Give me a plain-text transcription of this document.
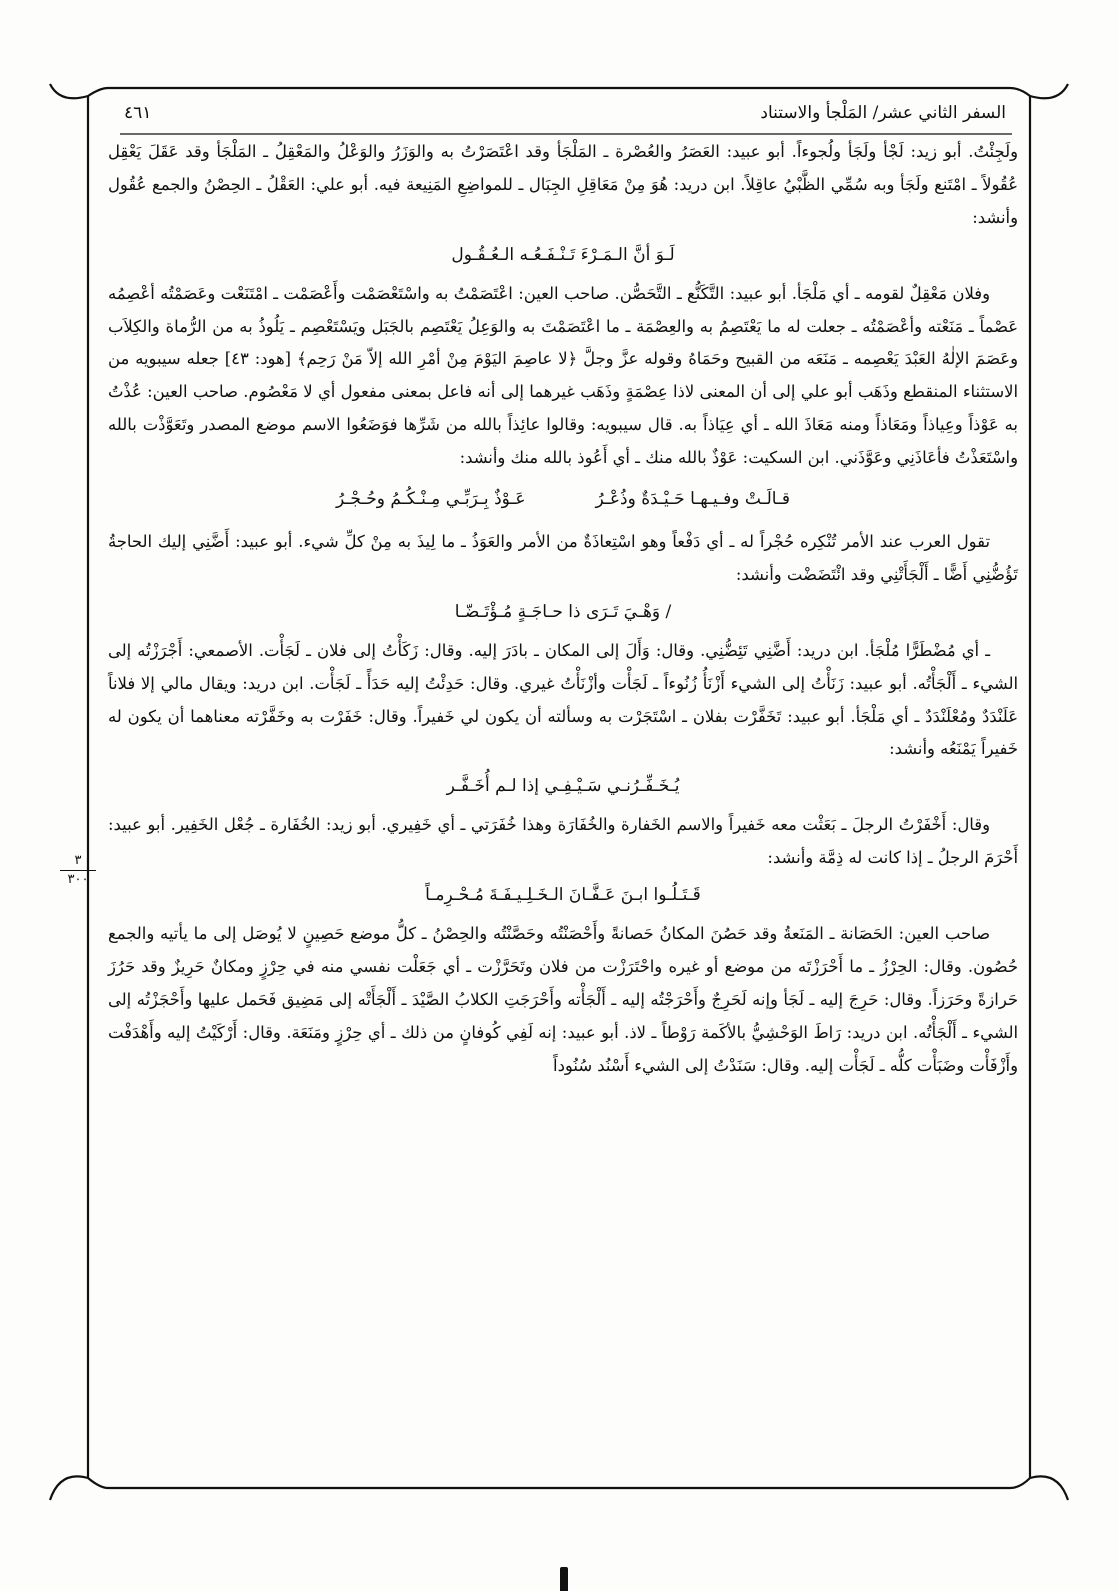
السفر الثاني عشر/ المَلْجأ والاستناد
٤٦١
٣
٣٠٠

ولَجِئْتُ. أبو زيد: لَجْأ ولَجَأ ولُجوءاً. أبو عبيد: العَصَرُ والعُصْرة ـ المَلْجَأ وقد اعْتَصَرْتُ به والوَزَرُ والوَعْلُ والمَعْقِلُ ـ المَلْجَأ وقد عَقَلَ يَعْقِل عُقُولاً ـ امْتَنع ولَجَأ وبه سُمِّي الظَّبْيُ عاقِلاً. ابن دريد: هُوَ مِنْ مَعَاقِلِ الجِبَال ـ للمواضِعِ المَنِيعة فيه. أبو علي: العَقْلُ ـ الحِصْنُ والجمع عُقُول وأنشد:

لَـوَ أنَّ الـمَـرْءَ تَـنْـفَـعُـه الـعُـقُـول

وفلان مَعْقِلٌ لقومه ـ أي مَلْجَأ. أبو عبيد: التَّكَنُّع ـ التَّحَصُّن. صاحب العين: اعْتَصَمْتُ به واسْتَعْصَمْت وأَعْصَمْت ـ امْتَنَعْت وعَصَمْتُه أعْصِمُه عَصْماً ـ مَنَعْته وأعْصَمْتُه ـ جعلت له ما يَعْتَصِمُ به والعِصْمَة ـ ما اعْتَصَمْتَ به والوَعِلُ يَعْتَصِم بالجَبَل ويَسْتَعْصِم ـ يَلُوذُ به من الرُّماة والكِلاَب وعَصَمَ الإلٰهُ العَبْدَ يَعْصِمه ـ مَنَعَه من القبيح وحَمَاهُ وقوله عزَّ وجلَّ ﴿لا عاصِمَ اليَوْمَ مِنْ أمْرِ الله إلاّ مَنْ رَحِم﴾ [هود: ٤٣] جعله سيبويه من الاستثناء المنقطع وذَهَب أبو علي إلى أن المعنى لاذا عِصْمَةٍ وذَهَب غيرهما إلى أنه فاعل بمعنى مفعول أي لا مَعْصُوم. صاحب العين: عُذْتُ به عَوْذاً وعِياذاً ومَعَاذاً ومنه مَعَاذَ الله ـ أي عِيَاذاً به. قال سيبويه: وقالوا عائِذاً بالله من شَرِّها فوَضَعُوا الاسم موضع المصدر وتَعَوَّذْت بالله واسْتَعَذْتُ فأعَاذَنِي وعَوَّذَني. ابن السكيت: عَوْذٌ بالله منك ـ أي أَعُوذ بالله منك وأنشد:

قـالَـتْ وفـيـهـا حَـيْـدَةٌ وذُعْـرُ
عَـوْذٌ بِـرَبِّـي مِـنْـكُـمُ وحُـجْـرُ

تقول العرب عند الأمر تُنْكِره حُجْراً له ـ أي دَفْعاً وهو اسْتِعاذَةٌ من الأمر والعَوَذُ ـ ما لِيذَ به مِنْ كلِّ شيء. أبو عبيد: أَضَّنِي إليك الحاجةُ تَؤُضُّنِي أَضًّا ـ أَلْجَأَتْنِي وقد ائْتَضَضْت وأنشد:

/ وَهْـيَ تَـرَى ذا حـاجَـةٍ مُـؤْتَـضّـا

ـ أي مُضْطَرًّا مُلْجَأ. ابن دريد: أَضَّنِي تَئِضُّنِي. وقال: وَأَلَ إلى المكان ـ بادَرَ إليه. وقال: زَكَأْتُ إلى فلان ـ لَجَأْت. الأصمعي: أَجْرَزْتُه إلى الشيء ـ أَلْجَأْتُه. أبو عبيد: زَنَأْتُ إلى الشيء أَزْنَأُ زُنُوءاً ـ لَجَأْت وأزْنَأْتُ غيري. وقال: حَدِئْتُ إليه حَدَأً ـ لَجَأْت. ابن دريد: ويقال مالي إلا فلاناً عَلَنْدَدٌ ومُعْلَنْدَدٌ ـ أي مَلْجَأ. أبو عبيد: تَخَفَّرْت بفلان ـ اسْتَجَرْت به وسألته أن يكون لي خَفيراً. وقال: خَفَرْت به وخَفَّرْته معناهما أن يكون له خَفيراً يَمْنَعُه وأنشد:

يُـخَـفِّـرُنـي سَـيْـفِـي إذا لـم أُخَـفَّـر

وقال: أَخْفَرْتُ الرجلَ ـ بَعَثْت معه خَفيراً والاسم الخَفارة والخُفَارَة وهذا خُفَرَتي ـ أي خَفِيري. أبو زيد: الخُفَارة ـ جُعْل الخَفِير. أبو عبيد: أَحْرَمَ الرجلُ ـ إذا كانت له ذِمَّة وأنشد:

قَـتَـلُـوا ابـنَ عَـفَّـانَ الـخَـلِـيـفَـةَ مُـحْـرِمـاً

صاحب العين: الحَصَانة ـ المَنَعةُ وقد حَصُنَ المكانُ حَصانةً وأَحْصَنْتُه وحَصَّنْتُه والحِصْنُ ـ كلُّ موضع حَصِينٍ لا يُوصَل إلى ما يأتيه والجمع حُصُون. وقال: الحِرْزُ ـ ما أَحْرَزْتَه من موضع أو غيره واحْتَرَزْت من فلان وتَحَرَّزْت ـ أي جَعَلْت نفسي منه في حِرْزٍ ومكانٌ حَرِيزٌ وقد حَرُزَ حَرازةً وحَرَزاً. وقال: حَرِجَ إليه ـ لَجَأ وإنه لَحَرِجٌ وأَحْرَجْتُه إليه ـ أَلْجَأْته وأَحْرَجَتِ الكلابُ الصَّيْدَ ـ أَلْجَأَتْه إلى مَضِيق فَحَمل عليها وأَحْجَزْتُه إلى الشيء ـ أَلْجَأْتُه. ابن دريد: رَاطَ الوَحْشِيُّ بالأكَمة رَوْطاً ـ لاذ. أبو عبيد: إنه لَفِي كُوفانٍ من ذلك ـ أي حِرْزٍ ومَنَعَة. وقال: أَرْكَيْتُ إليه وأَهْدَفْت وأَزْفَأْت وضَبَأْت كلُّه ـ لَجَأْت إليه. وقال: سَنَدْتُ إلى الشيء أَسْنُد سُنُوداً
